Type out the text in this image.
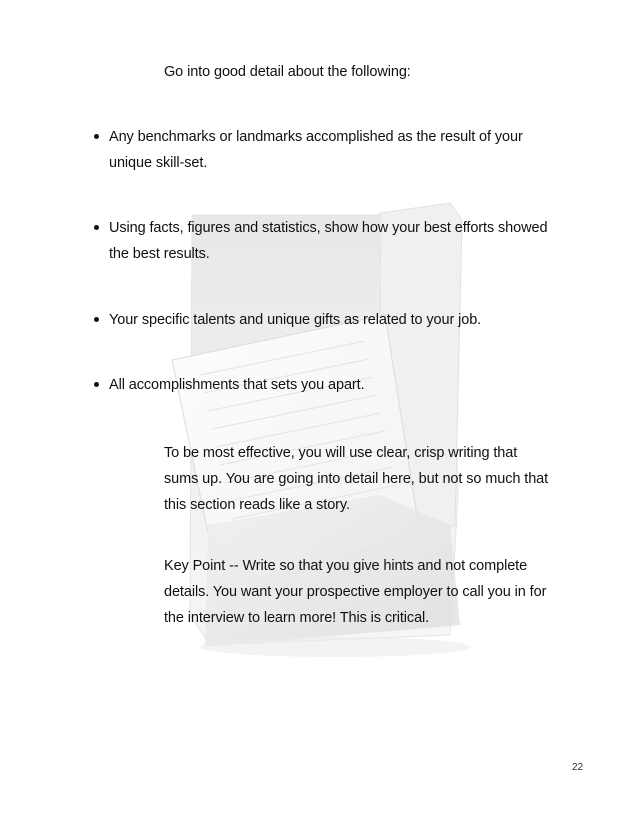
Go into good detail about the following:
Any benchmarks or landmarks accomplished as the result of your
unique skill-set.
Using facts, figures and statistics, show how your best efforts showed
the best results.
Your specific talents and unique gifts as related to your job.
All accomplishments that sets you apart.
To be most effective, you will use clear, crisp writing that
sums up. You are going into detail here, but not so much that
this section reads like a story.
Key Point -- Write so that you give hints and not complete
details. You want your prospective employer to call you in for
the interview to learn more! This is critical.
22
